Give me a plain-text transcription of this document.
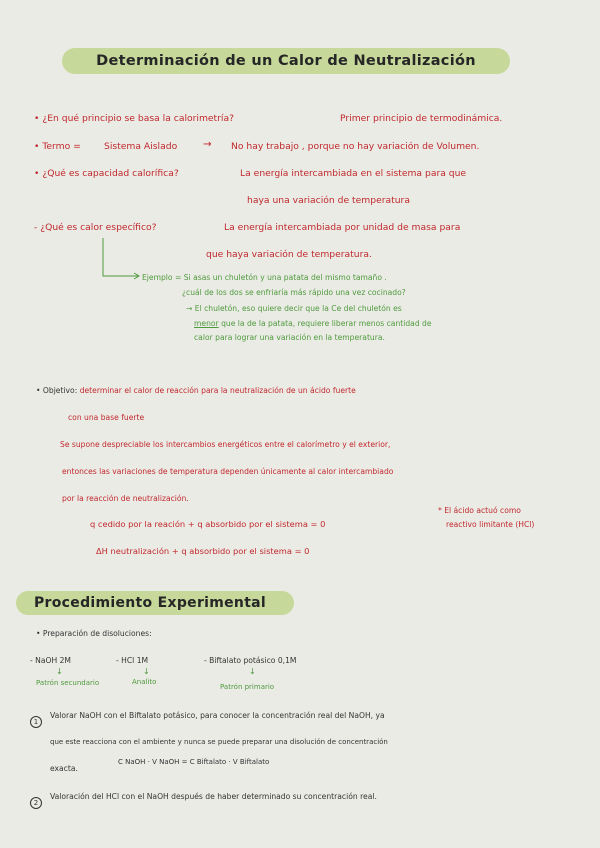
Determinación de un Calor de Neutralización
• ¿En qué principio se basa la calorimetría?	Primer principio de termodinámica.
• Termo =	Sistema Aislado	→ No hay trabajo , porque no hay variación de Volumen.
• ¿Qué es capacidad calorífica?	La energía intercambiada en el sistema para que
haya una variación de temperatura
- ¿Qué es calor específico?	La energía intercambiada por unidad de masa para
que haya variación de temperatura.
Ejemplo = Si asas un chuletón y una patata del mismo tamaño .
¿cuál de los dos se enfriaría más rápido una vez cocinado?
→ El chuletón, eso quiere decir que la Ce del chuletón es
menor que la de la patata, requiere liberar menos cantidad de
calor para lograr una variación en la temperatura.
• Objetivo: determinar el calor de reacción para la neutralización de un ácido fuerte
con una base fuerte
Se supone despreciable los intercambios energéticos entre el calorímetro y el exterior,
entonces las variaciones de temperatura dependen únicamente al calor intercambiado
por la reacción de neutralización.
q cedido por la reación + q absorbido por el sistema = 0
ΔH neutralización + q absorbido por el sistema = 0
* El ácido actuó como
reactivo limitante (HCl)
Procedimiento Experimental
• Preparación de disoluciones:
- NaOH 2M	- HCl 1M	- Biftalato potásico 0,1M
↓	↓	↓
Patrón secundario	Analito
Patrón primario
1
Valorar NaOH con el Biftalato potásico, para conocer la concentración real del NaOH, ya
que este reacciona con el ambiente y nunca se puede preparar una disolución de concentración
exacta.
C NaOH · V NaOH = C Biftalato · V Biftalato
2
Valoración del HCl con el NaOH después de haber determinado su concentración real.
